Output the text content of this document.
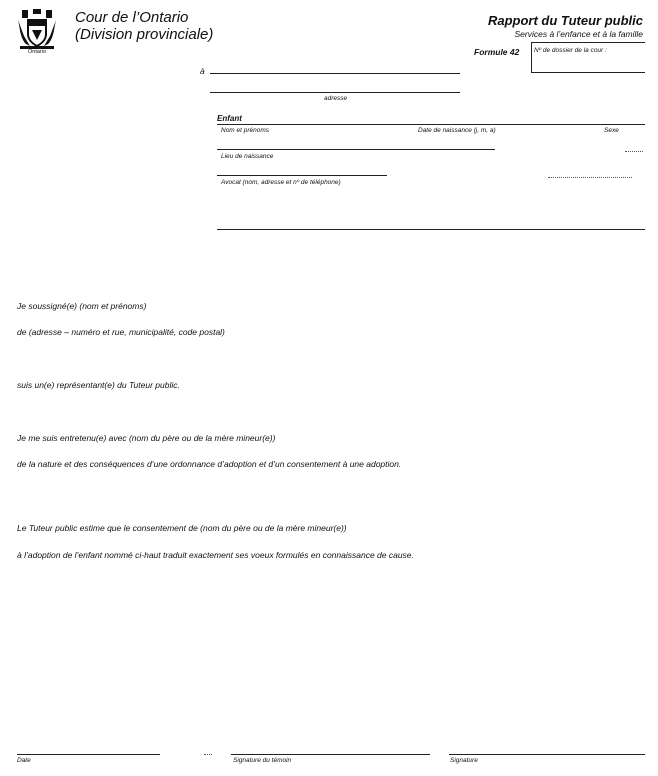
Ontario
Cour de l’Ontario
(Division provinciale)
Rapport du Tuteur public
Services à l’enfance et à la famille
Formule 42 Nº de dossier de la cour :
à
adresse
Enfant
Nom et prénoms	Date de naissance (j, m, a)	Sexe
Lieu de naissance
Avocat (nom, adresse et nº de téléphone)
Je soussigné(e) (nom et prénoms)
de (adresse – numéro et rue, municipalité, code postal)
suis un(e) représentant(e) du Tuteur public.
Je me suis entretenu(e) avec (nom du père ou de la mère mineur(e))
de la nature et des conséquences d’une ordonnance d’adoption et d’un consentement à une adoption.
Le Tuteur public estime que le consentement de (nom du père ou de la mère mineur(e))
à l’adoption de l’enfant nommé ci-haut traduit exactement ses voeux formulés en connaissance de cause.
Date	Signature du témoin	Signature
